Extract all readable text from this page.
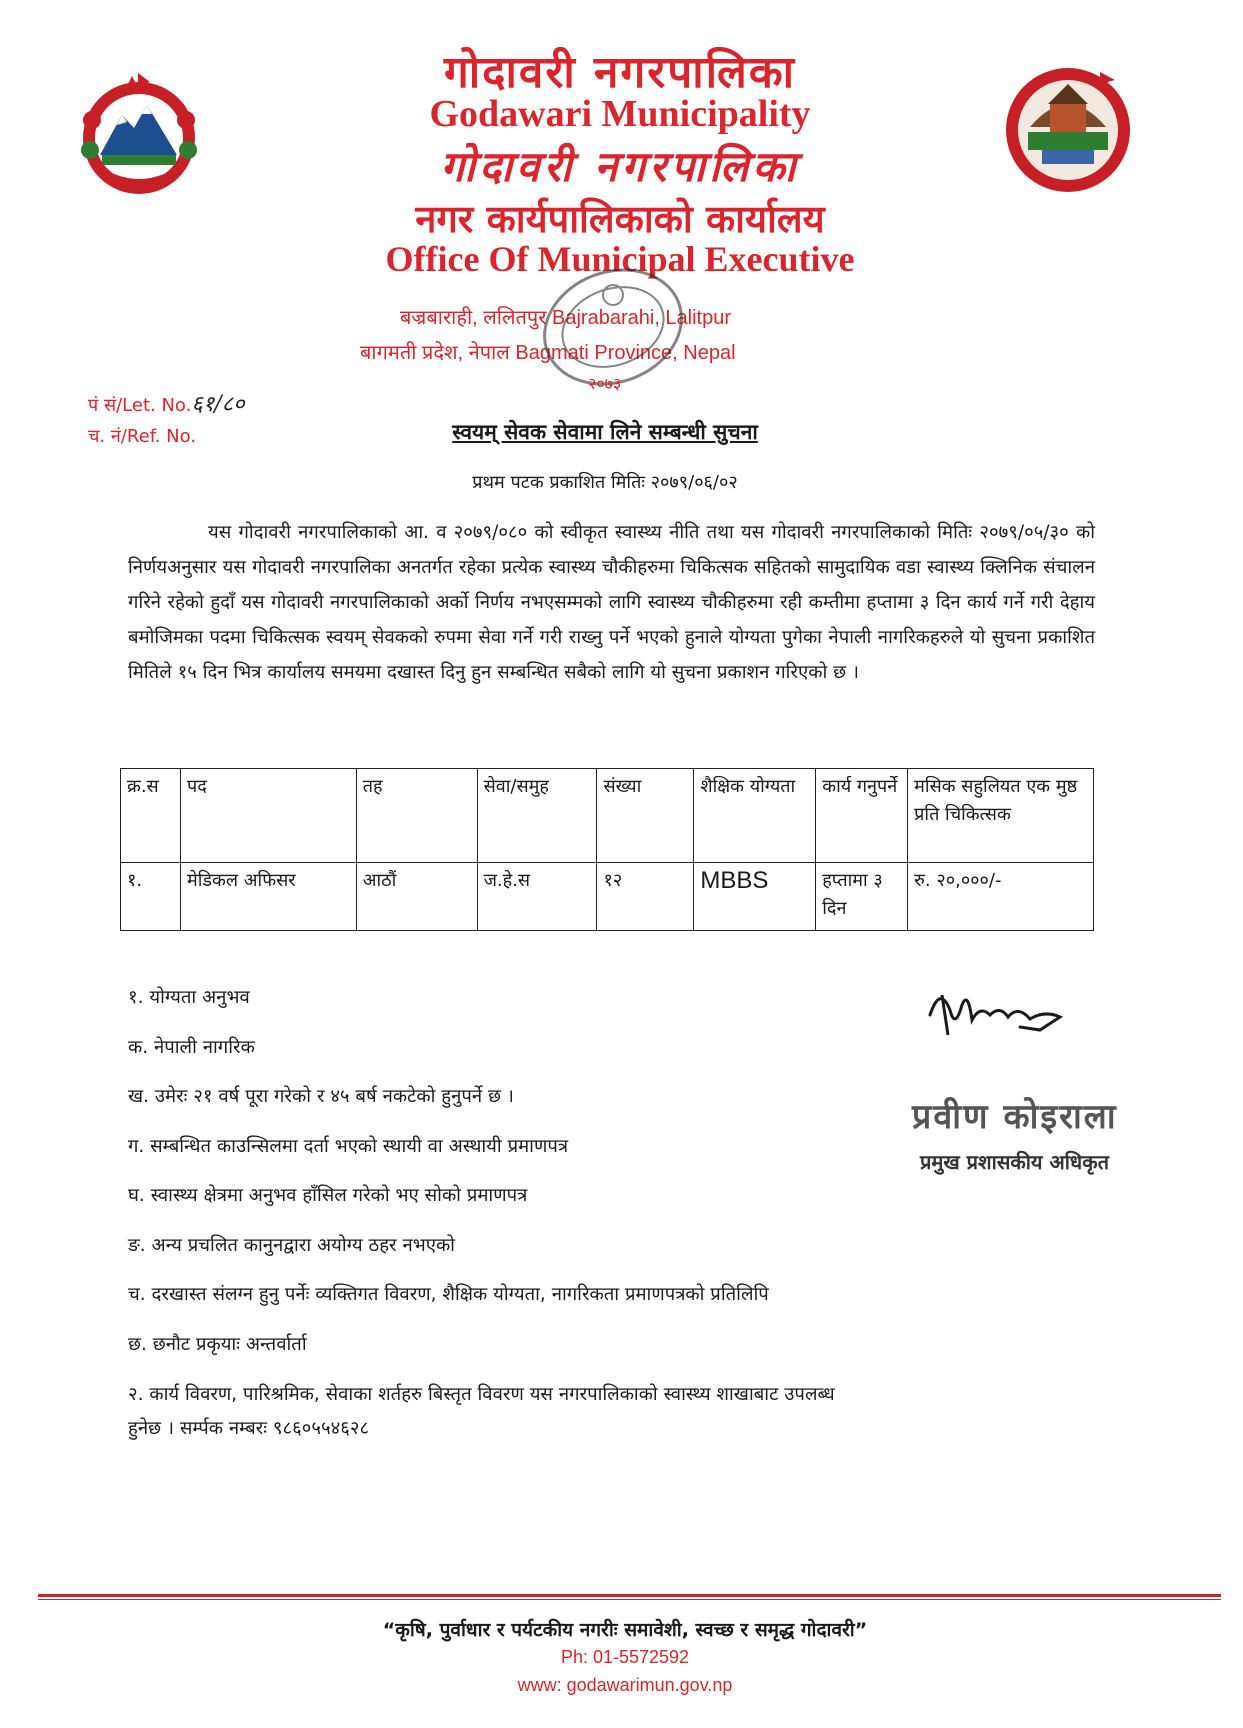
गोदावरी नगरपालिका
Godawari Municipality
गोदावरी नगरपालिका
नगर कार्यपालिकाको कार्यालय
Office Of Municipal Executive
बज्रबाराही, ललितपुर Bajrabarahi, Lalitpur
बागमती प्रदेश, नेपाल Bagmati Province, Nepal
२०७३
पं सं/Let. No.६१/८०
च. नं/Ref. No.	स्वयम् सेवक सेवामा लिने सम्बन्धी सुचना
प्रथम पटक प्रकाशित मितिः २०७९/०६/०२
यस गोदावरी नगरपालिकाको आ. व २०७९/०८० को स्वीकृत स्वास्थ्य नीति तथा यस गोदावरी नगरपालिकाको मितिः २०७९/०५/३० को निर्णयअनुसार यस गोदावरी नगरपालिका अनतर्गत रहेका प्रत्येक स्वास्थ्य चौकीहरुमा चिकित्सक सहितको सामुदायिक वडा स्वास्थ्य क्लिनिक संचालन गरिने रहेको हुदाँ यस गोदावरी नगरपालिकाको अर्को निर्णय नभएसम्मको लागि स्वास्थ्य चौकीहरुमा रही कम्तीमा हप्तामा ३ दिन कार्य गर्ने गरी देहाय बमोजिमका पदमा चिकित्सक स्वयम् सेवकको रुपमा सेवा गर्ने गरी राख्नु पर्ने भएको हुनाले योग्यता पुगेका नेपाली नागरिकहरुले यो सुचना प्रकाशित मितिले १५ दिन भित्र कार्यालय समयमा दखास्त दिनु हुन सम्बन्धित सबैको लागि यो सुचना प्रकाशन गरिएको छ ।
क्र.स	पद	तह	सेवा/समुह	संख्या	शैक्षिक योग्यता	कार्य गनुपर्ने	मसिक सहुलियत एक मुष्ठ प्रति चिकित्सक
१.	मेडिकल अफिसर	आठौं	ज.हे.स	१२	MBBS	हप्तामा ३ दिन	रु. २०,०००/-
१. योग्यता अनुभव
क. नेपाली नागरिक
ख. उमेरः २१ वर्ष पूरा गरेको र ४५ बर्ष नकटेको हुनुपर्ने छ ।
ग. सम्बन्धित काउन्सिलमा दर्ता भएको स्थायी वा अस्थायी प्रमाणपत्र
घ. स्वास्थ्य क्षेत्रमा अनुभव हाँसिल गरेको भए सोको प्रमाणपत्र
ङ. अन्य प्रचलित कानुनद्वारा अयोग्य ठहर नभएको
च. दरखास्त संलग्न हुनु पर्नेः व्यक्तिगत विवरण, शैक्षिक योग्यता, नागरिकता प्रमाणपत्रको प्रतिलिपि
छ. छनौट प्रकृयाः अन्तर्वार्ता
२. कार्य विवरण, पारिश्रमिक, सेवाका शर्तहरु बिस्तृत विवरण यस नगरपालिकाको स्वास्थ्य शाखाबाट उपलब्ध
हुनेछ । सर्म्पक नम्बरः ९८६०५५४६२८
प्रवीण कोइराला
प्रमुख प्रशासकीय अधिकृत
“कृषि, पुर्वाधार र पर्यटकीय नगरीः समावेशी, स्वच्छ र समृद्ध गोदावरी”
Ph: 01-5572592
www: godawarimun.gov.np
